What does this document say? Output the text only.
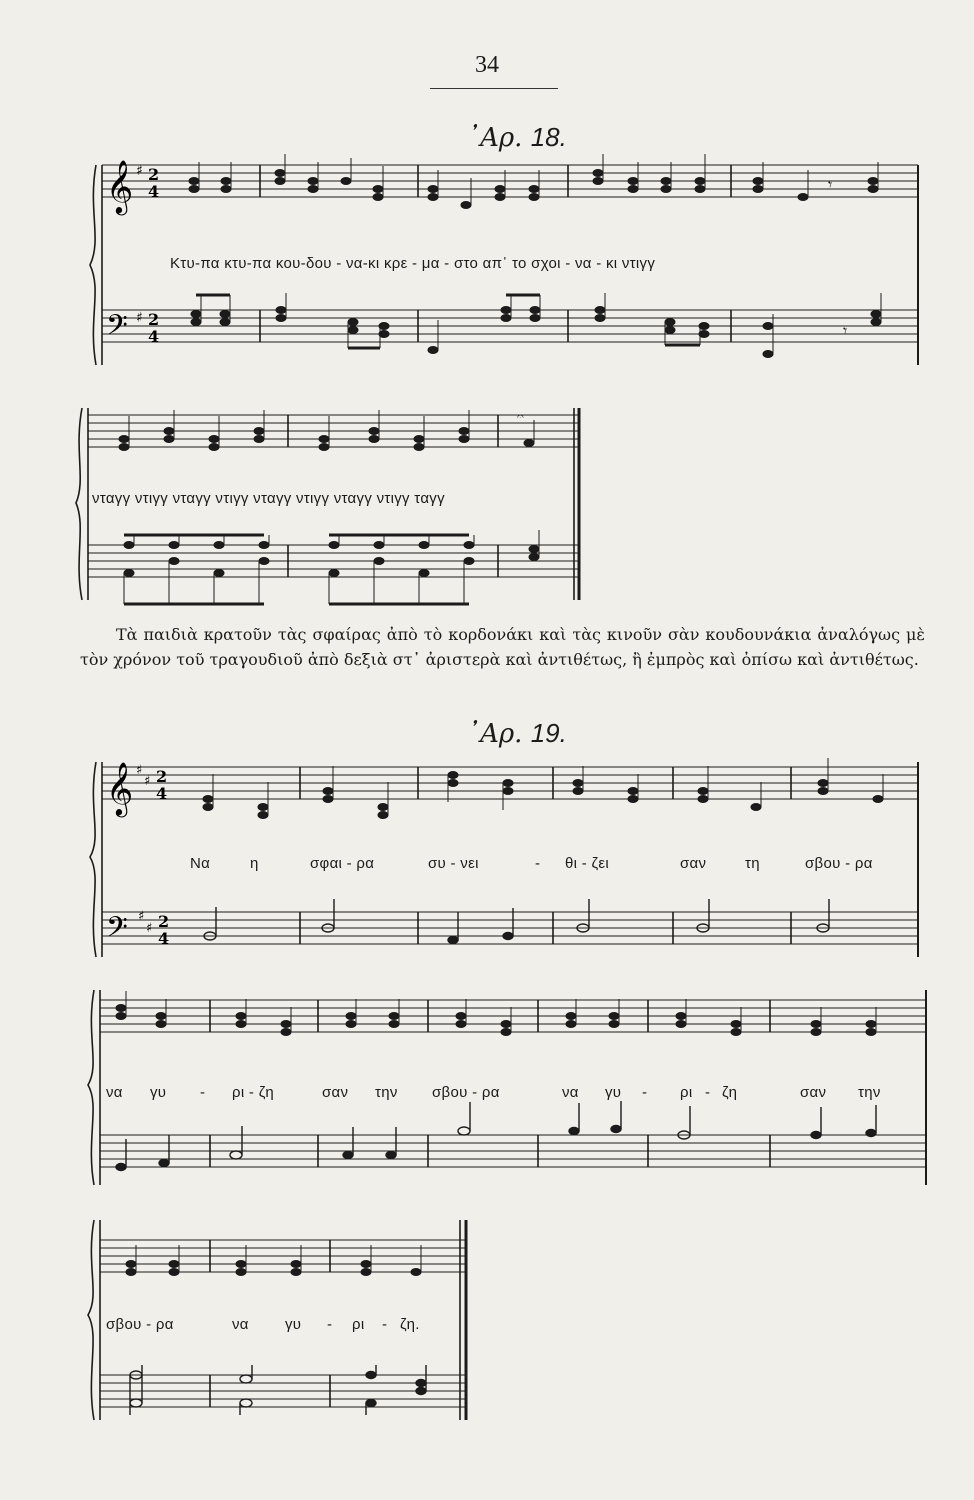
34
᾽Αρ. 18.
𝄞 ♯ 2
4
𝄢 ♯ 2
4
𝄾
𝄾
Κτυ-πα κτυ-πα κου-δου - να-κι κρε - μα - στο απ᾽ το σχοι - να - κι ντιγγ
𝄐
νταγγ ντιγγ νταγγ ντιγγ νταγγ ντιγγ νταγγ ντιγγ ταγγ
Τὰ παιδιὰ κρατοῦν τὰς σφαίρας ἀπὸ τὸ κορδονάκι καὶ τὰς κινοῦν σὰν κουδουνάκια ἀναλόγως μὲ τὸν χρόνον τοῦ τραγουδιοῦ ἀπὸ δεξιὰ στ᾽ ἀριστερὰ καὶ ἀντιθέτως, ἢ ἐμπρὸς καὶ ὀπίσω καὶ ἀντιθέτως.
᾽Αρ. 19.
𝄞 ♯
♯ 2
4
𝄢 ♯
♯ 2
4
Να	η	σφαι - ρα	συ - νει	- θι - ζει	σαν	τη	σβου - ρα
να γυ - ρι - ζη	σαν την σβου - ρα	να γυ - ρι - ζη	σαν την
σβου - ρα	να γυ - ρι - ζη.
